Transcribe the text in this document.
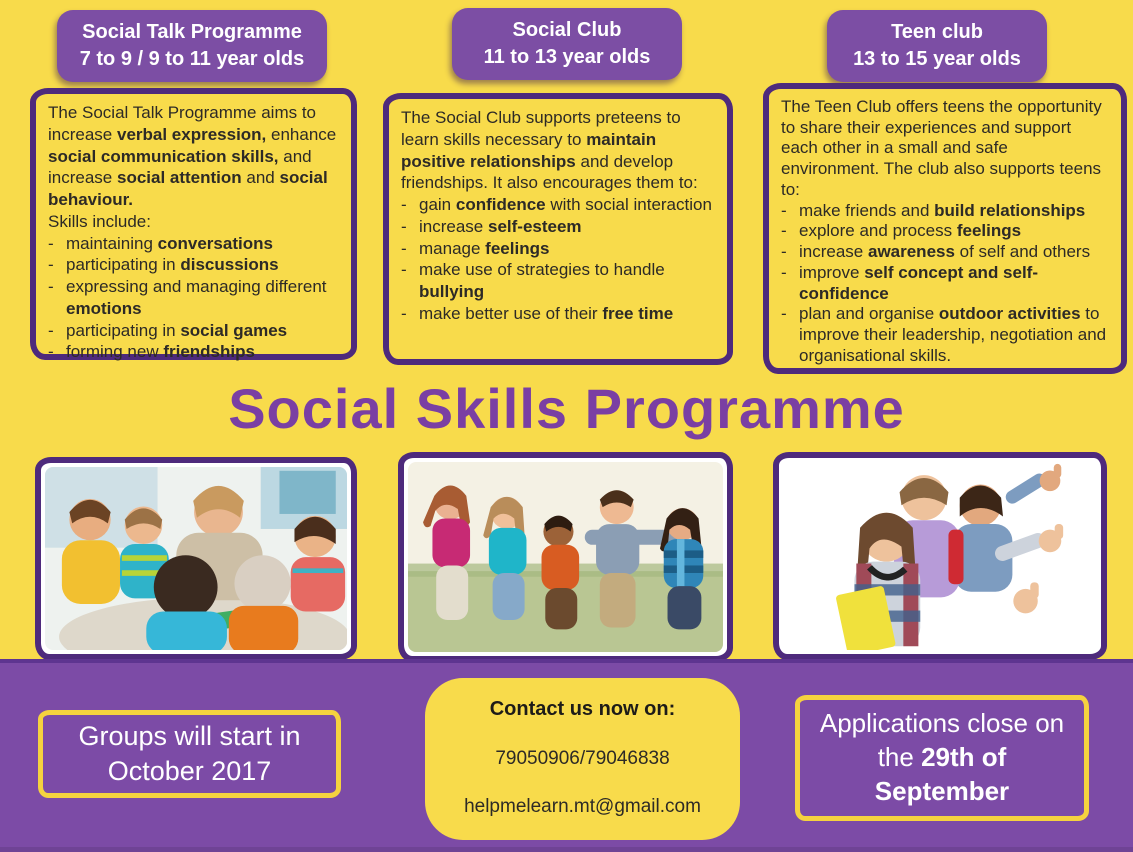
Social Talk Programme
7 to 9 / 9 to 11 year olds
Social Club
11 to 13 year olds
Teen club
13 to 15 year olds
The Social Talk Programme aims to increase verbal expression, enhance social communication skills, and increase social attention and social behaviour.
Skills include:
- maintaining conversations
- participating in discussions
- expressing and managing different emotions
- participating in social games
- forming new friendships
The Social Club supports preteens to learn skills necessary to maintain positive relationships and develop friendships. It also encourages them to:
- gain confidence with social interaction
- increase self-esteem
- manage feelings
- make use of strategies to handle bullying
- make better use of their free time
The Teen Club offers teens the opportunity to share their experiences and support each other in a small and safe environment. The club also supports teens to:
- make friends and build relationships
- explore and process feelings
- increase awareness of self and others
- improve self concept and self-confidence
- plan and organise outdoor activities to improve their leadership, negotiation and organisational skills.
Social Skills Programme
Groups will start in October 2017
Contact us now on:
79050906/79046838
helpmelearn.mt@gmail.com
Applications close on the 29th of September
